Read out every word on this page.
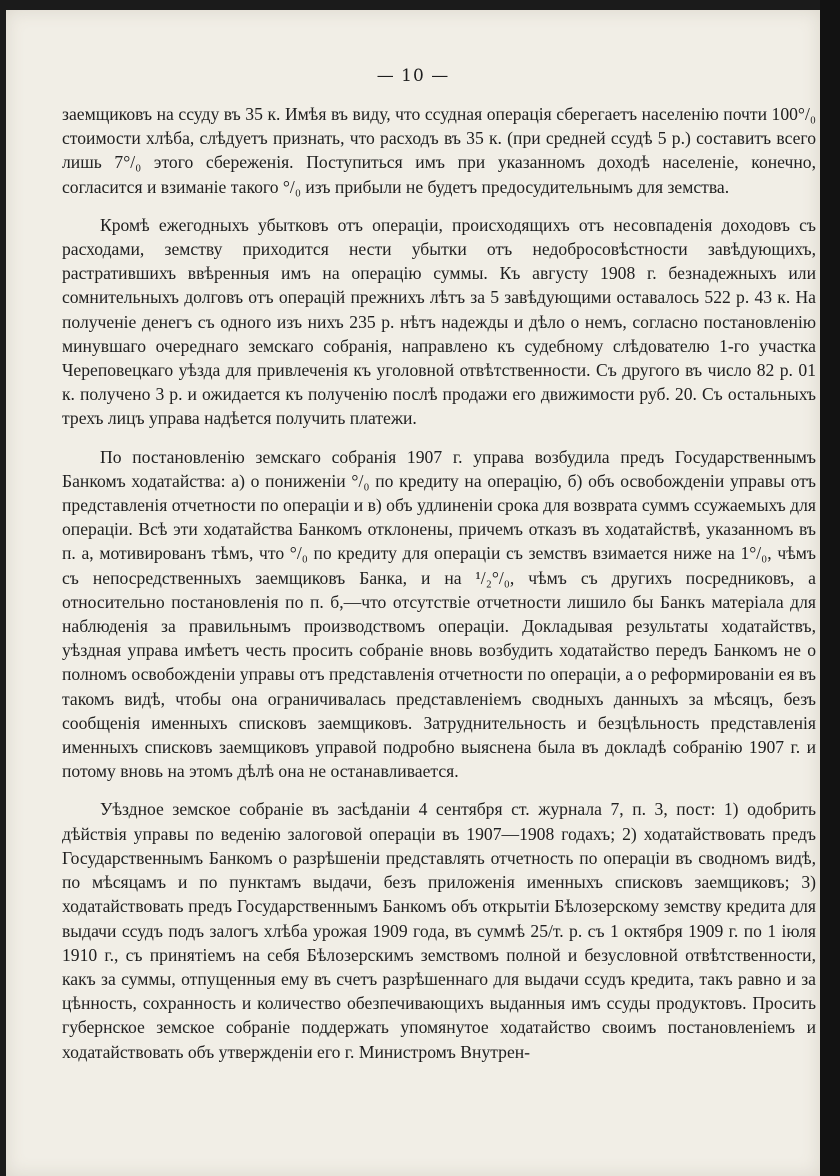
— 10 —

заемщиковъ на ссуду въ 35 к. Имѣя въ виду, что ссудная операція сберегаетъ населенію почти 100°/₀ стоимости хлѣба, слѣдуетъ признать, что расходъ въ 35 к. (при средней ссудѣ 5 р.) составитъ всего лишь 7°/₀ этого сбереженія. Поступиться имъ при указанномъ доходѣ населеніе, конечно, согласится и взиманіе такого °/₀ изъ прибыли не будетъ предосудительнымъ для земства.

Кромѣ ежегодныхъ убытковъ отъ операціи, происходящихъ отъ несовпаденія доходовъ съ расходами, земству приходится нести убытки отъ недобросовѣстности завѣдующихъ, растратившихъ ввѣренныя имъ на операцію суммы. Къ августу 1908 г. безнадежныхъ или сомнительныхъ долговъ отъ операцій прежнихъ лѣтъ за 5 завѣдующими оставалось 522 р. 43 к. На полученіе денегъ съ одного изъ нихъ 235 р. нѣтъ надежды и дѣло о немъ, согласно постановленію минувшаго очереднаго земскаго собранія, направлено къ судебному слѣдователю 1-го участка Череповецкаго уѣзда для привлеченія къ уголовной отвѣтственности. Съ другого въ число 82 р. 01 к. получено 3 р. и ожидается къ полученію послѣ продажи его движимости руб. 20. Съ остальныхъ трехъ лицъ управа надѣется получить платежи.

По постановленію земскаго собранія 1907 г. управа возбудила предъ Государственнымъ Банкомъ ходатайства: а) о пониженіи °/₀ по кредиту на операцію, б) объ освобожденіи управы отъ представленія отчетности по операціи и в) объ удлиненіи срока для возврата суммъ ссужаемыхъ для операціи. Всѣ эти ходатайства Банкомъ отклонены, причемъ отказъ въ ходатайствѣ, указанномъ въ п. а, мотивированъ тѣмъ, что °/₀ по кредиту для операціи съ земствъ взимается ниже на 1°/₀, чѣмъ съ непосредственныхъ заемщиковъ Банка, и на ¹/₂°/₀, чѣмъ съ другихъ посредниковъ, а относительно постановленія по п. б,—что отсутствіе отчетности лишило бы Банкъ матеріала для наблюденія за правильнымъ производствомъ операціи. Докладывая результаты ходатайствъ, уѣздная управа имѣетъ честь просить собраніе вновь возбудить ходатайство передъ Банкомъ не о полномъ освобожденіи управы отъ представленія отчетности по операціи, а о реформированіи ея въ такомъ видѣ, чтобы она ограничивалась представленіемъ сводныхъ данныхъ за мѣсяцъ, безъ сообщенія именныхъ списковъ заемщиковъ. Затруднительность и безцѣльность представленія именныхъ списковъ заемщиковъ управой подробно выяснена была въ докладѣ собранію 1907 г. и потому вновь на этомъ дѣлѣ она не останавливается.

Уѣздное земское собраніе въ засѣданіи 4 сентября ст. журнала 7, п. 3, пост: 1) одобрить дѣйствія управы по веденію залоговой операціи въ 1907—1908 годахъ; 2) ходатайствовать предъ Государственнымъ Банкомъ о разрѣшеніи представлять отчетность по операціи въ сводномъ видѣ, по мѣсяцамъ и по пунктамъ выдачи, безъ приложенія именныхъ списковъ заемщиковъ; 3) ходатайствовать предъ Государственнымъ Банкомъ объ открытіи Бѣлозерскому земству кредита для выдачи ссудъ подъ залогъ хлѣба урожая 1909 года, въ суммѣ 25/т. р. съ 1 октября 1909 г. по 1 іюля 1910 г., съ принятіемъ на себя Бѣлозерскимъ земствомъ полной и безусловной отвѣтственности, какъ за суммы, отпущенныя ему въ счетъ разрѣшеннаго для выдачи ссудъ кредита, такъ равно и за цѣнность, сохранность и количество обезпечивающихъ выданныя имъ ссуды продуктовъ. Просить губернское земское собраніе поддержать упомянутое ходатайство своимъ постановленіемъ и ходатайствовать объ утвержденіи его г. Министромъ Внутрен-
